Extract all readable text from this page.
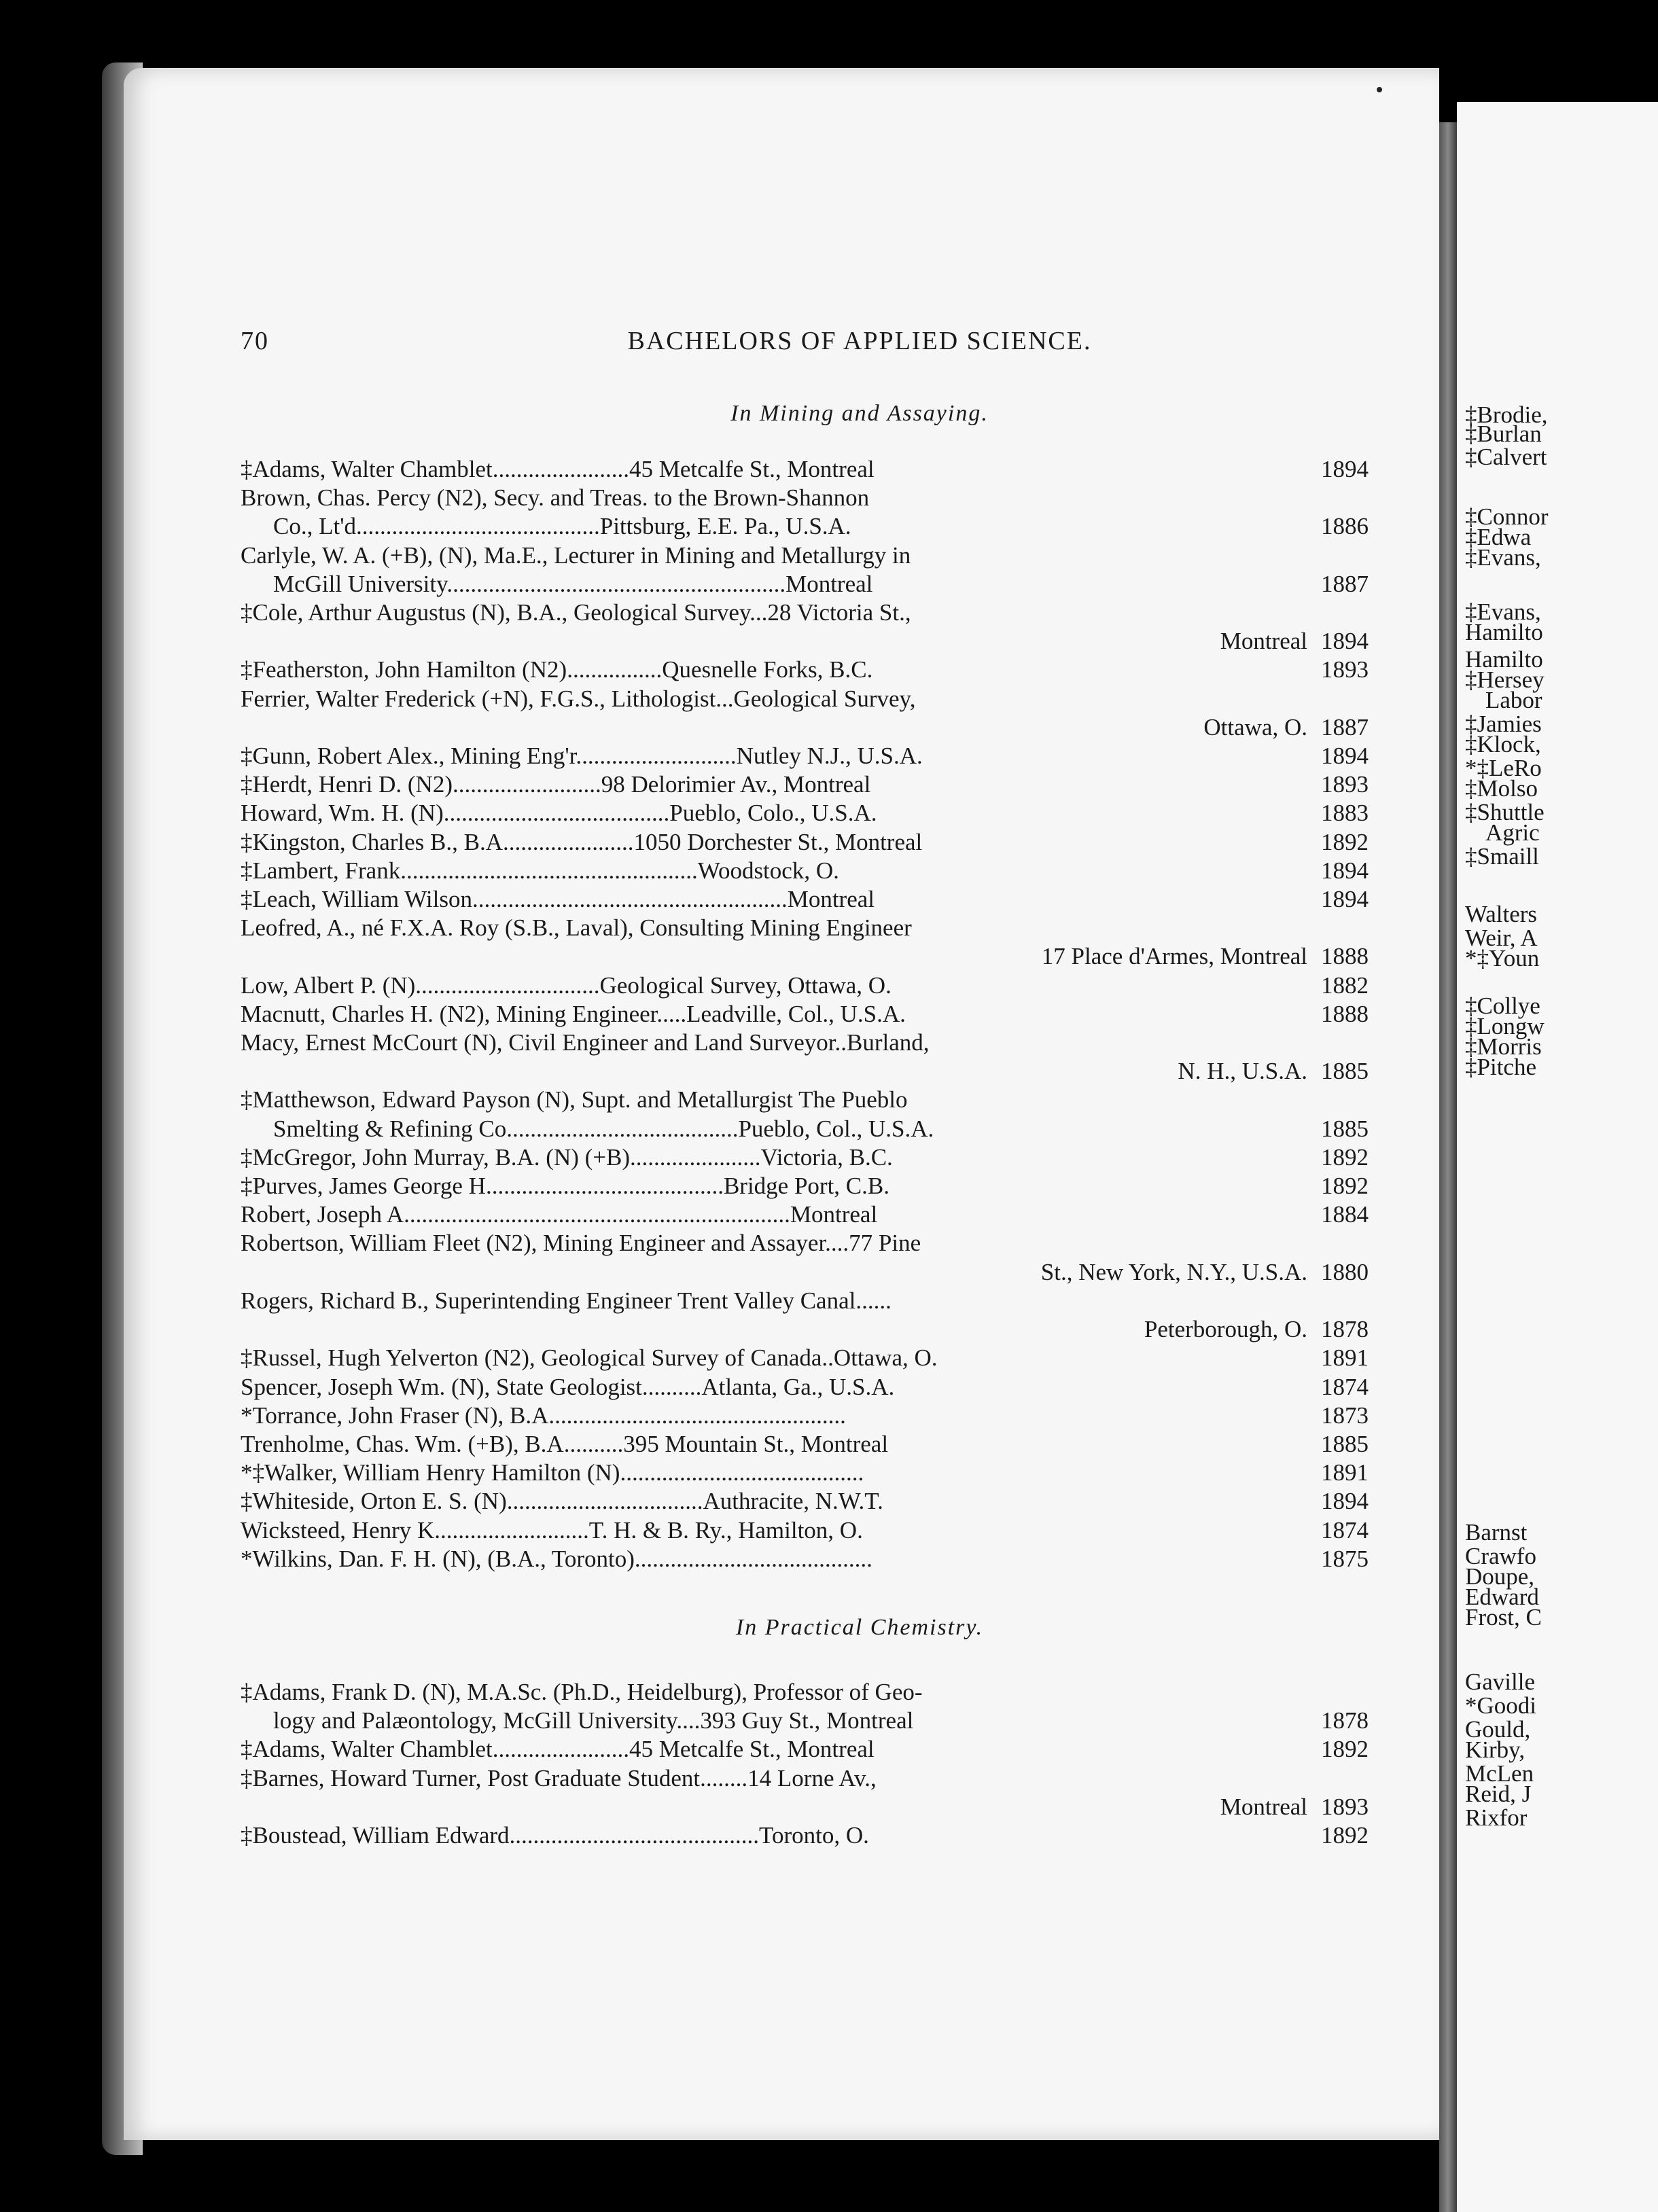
70	BACHELORS OF APPLIED SCIENCE.
In Mining and Assaying.
‡Adams, Walter Chamblet.......................45 Metcalfe St., Montreal	1894
Brown, Chas. Percy (N2), Secy. and Treas. to the Brown-Shannon
Co., Lt'd.........................................Pittsburg, E.E. Pa., U.S.A.	1886
Carlyle, W. A. (+B), (N), Ma.E., Lecturer in Mining and Metallurgy in
McGill University.........................................................Montreal	1887
‡Cole, Arthur Augustus (N), B.A., Geological Survey...28 Victoria St.,
Montreal 1894
‡Featherston, John Hamilton (N2)................Quesnelle Forks, B.C.	1893
Ferrier, Walter Frederick (+N), F.G.S., Lithologist...Geological Survey,
Ottawa, O. 1887
‡Gunn, Robert Alex., Mining Eng'r...........................Nutley N.J., U.S.A.	1894
‡Herdt, Henri D. (N2).........................98 Delorimier Av., Montreal	1893
Howard, Wm. H. (N)......................................Pueblo, Colo., U.S.A.	1883
‡Kingston, Charles B., B.A......................1050 Dorchester St., Montreal	1892
‡Lambert, Frank..................................................Woodstock, O.	1894
‡Leach, William Wilson.....................................................Montreal	1894
Leofred, A., né F.X.A. Roy (S.B., Laval), Consulting Mining Engineer
17 Place d'Armes, Montreal 1888
Low, Albert P. (N)...............................Geological Survey, Ottawa, O.	1882
Macnutt, Charles H. (N2), Mining Engineer.....Leadville, Col., U.S.A.	1888
Macy, Ernest McCourt (N), Civil Engineer and Land Surveyor..Burland,
N. H., U.S.A. 1885
‡Matthewson, Edward Payson (N), Supt. and Metallurgist The Pueblo
Smelting & Refining Co.......................................Pueblo, Col., U.S.A.	1885
‡McGregor, John Murray, B.A. (N) (+B)......................Victoria, B.C.	1892
‡Purves, James George H........................................Bridge Port, C.B.	1892
Robert, Joseph A.................................................................Montreal	1884
Robertson, William Fleet (N2), Mining Engineer and Assayer....77 Pine
St., New York, N.Y., U.S.A. 1880
Rogers, Richard B., Superintending Engineer Trent Valley Canal......
Peterborough, O. 1878
‡Russel, Hugh Yelverton (N2), Geological Survey of Canada..Ottawa, O.	1891
Spencer, Joseph Wm. (N), State Geologist..........Atlanta, Ga., U.S.A.	1874
*Torrance, John Fraser (N), B.A..................................................	1873
Trenholme, Chas. Wm. (+B), B.A..........395 Mountain St., Montreal	1885
*‡Walker, William Henry Hamilton (N).........................................	1891
‡Whiteside, Orton E. S. (N).................................Authracite, N.W.T.	1894
Wicksteed, Henry K..........................T. H. & B. Ry., Hamilton, O.	1874
*Wilkins, Dan. F. H. (N), (B.A., Toronto)........................................	1875
In Practical Chemistry.
‡Adams, Frank D. (N), M.A.Sc. (Ph.D., Heidelburg), Professor of Geo-
logy and Palæontology, McGill University....393 Guy St., Montreal	1878
‡Adams, Walter Chamblet.......................45 Metcalfe St., Montreal	1892
‡Barnes, Howard Turner, Post Graduate Student........14 Lorne Av.,
Montreal 1893
‡Boustead, William Edward..........................................Toronto, O.	1892
‡Brodie,
‡Burlan
‡Calvert
‡Connor
‡Edwa
‡Evans,
‡Evans,
Hamilto
Hamilto
‡Hersey
Labor
‡Jamies
‡Klock,
*‡LeRo
‡Molso
‡Shuttle
Agric
‡Smaill
Walters
Weir, A
*‡Youn
‡Collye
‡Longw
‡Morris
‡Pitche
Barnst
Crawfo
Doupe,
Edward
Frost, C
Gaville
*Goodi
Gould,
Kirby,
McLen
Reid, J
Rixfor
